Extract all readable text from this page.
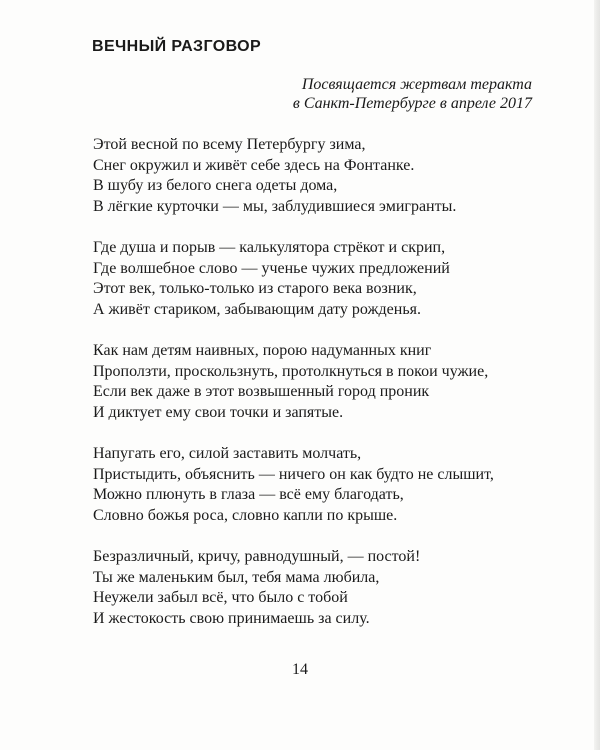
ВЕЧНЫЙ РАЗГОВОР
Посвящается жертвам теракта
в Санкт-Петербурге в апреле 2017
Этой весной по всему Петербургу зима,
Снег окружил и живёт себе здесь на Фонтанке.
В шубу из белого снега одеты дома,
В лёгкие курточки — мы, заблудившиеся эмигранты.
Где душа и порыв — калькулятора стрёкот и скрип,
Где волшебное слово — ученье чужих предложений
Этот век, только-только из старого века возник,
А живёт стариком, забывающим дату рожденья.
Как нам детям наивных, порою надуманных книг
Проползти, проскользнуть, протолкнуться в покои чужие,
Если век даже в этот возвышенный город проник
И диктует ему свои точки и запятые.
Напугать его, силой заставить молчать,
Пристыдить, объяснить — ничего он как будто не слышит,
Можно плюнуть в глаза — всё ему благодать,
Словно божья роса, словно капли по крыше.
Безразличный, кричу, равнодушный, — постой!
Ты же маленьким был, тебя мама любила,
Неужели забыл всё, что было с тобой
И жестокость свою принимаешь за силу.
14
